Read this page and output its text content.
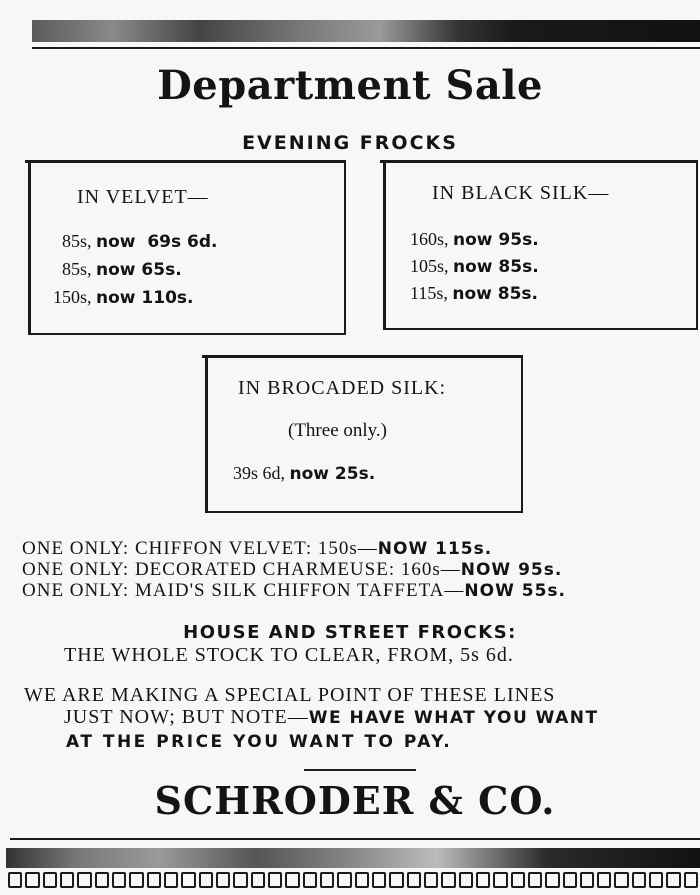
Department Sale
EVENING FROCKS
IN VELVET—
85s, now  69s 6d.
85s, now 65s.
150s, now 110s.
IN BLACK SILK—
160s, now 95s.
105s, now 85s.
115s, now 85s.
IN BROCADED SILK:
(Three only.)
39s 6d, now 25s.
ONE ONLY: CHIFFON VELVET: 150s—NOW 115s.
ONE ONLY: DECORATED CHARMEUSE: 160s—NOW 95s.
ONE ONLY: MAID'S SILK CHIFFON TAFFETA—NOW 55s.
HOUSE AND STREET FROCKS:
THE WHOLE STOCK TO CLEAR, FROM, 5s 6d.
WE ARE MAKING A SPECIAL POINT OF THESE LINES
JUST NOW; BUT NOTE—WE HAVE WHAT YOU WANT
AT THE PRICE YOU WANT TO PAY.
SCHRODER & CO.
